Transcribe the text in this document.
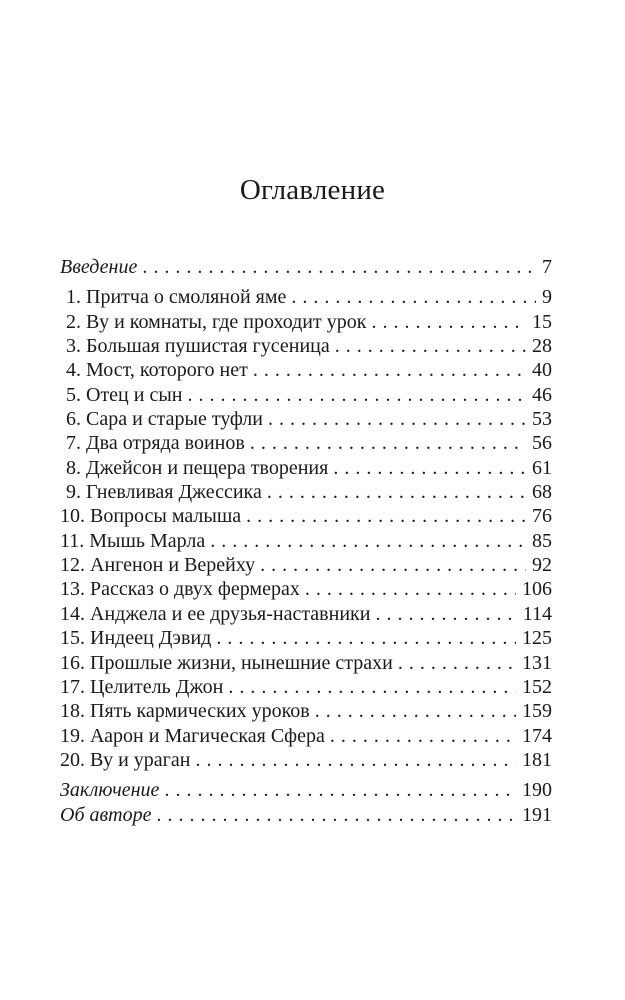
Оглавление
Введение . . .	7
1. Притча о смоляной яме . . .	9
2. Ву и комнаты, где проходит урок . . .	15
3. Большая пушистая гусеница . . .	28
4. Мост, которого нет . . .	40
5. Отец и сын . . .	46
6. Сара и старые туфли . . .	53
7. Два отряда воинов . . .	56
8. Джейсон и пещера творения . . .	61
9. Гневливая Джессика . . .	68
10. Вопросы малыша . . .	76
11. Мышь Марла . . .	85
12. Ангенон и Верейху . . .	92
13. Рассказ о двух фермерах . . .	106
14. Анджела и ее друзья-наставники . . .	114
15. Индеец Дэвид . . .	125
16. Прошлые жизни, нынешние страхи . . .	131
17. Целитель Джон . . .	152
18. Пять кармических уроков . . .	159
19. Аарон и Магическая Сфера . . .	174
20. Ву и ураган . . .	181
Заключение . . .	190
Об авторе . . .	191
